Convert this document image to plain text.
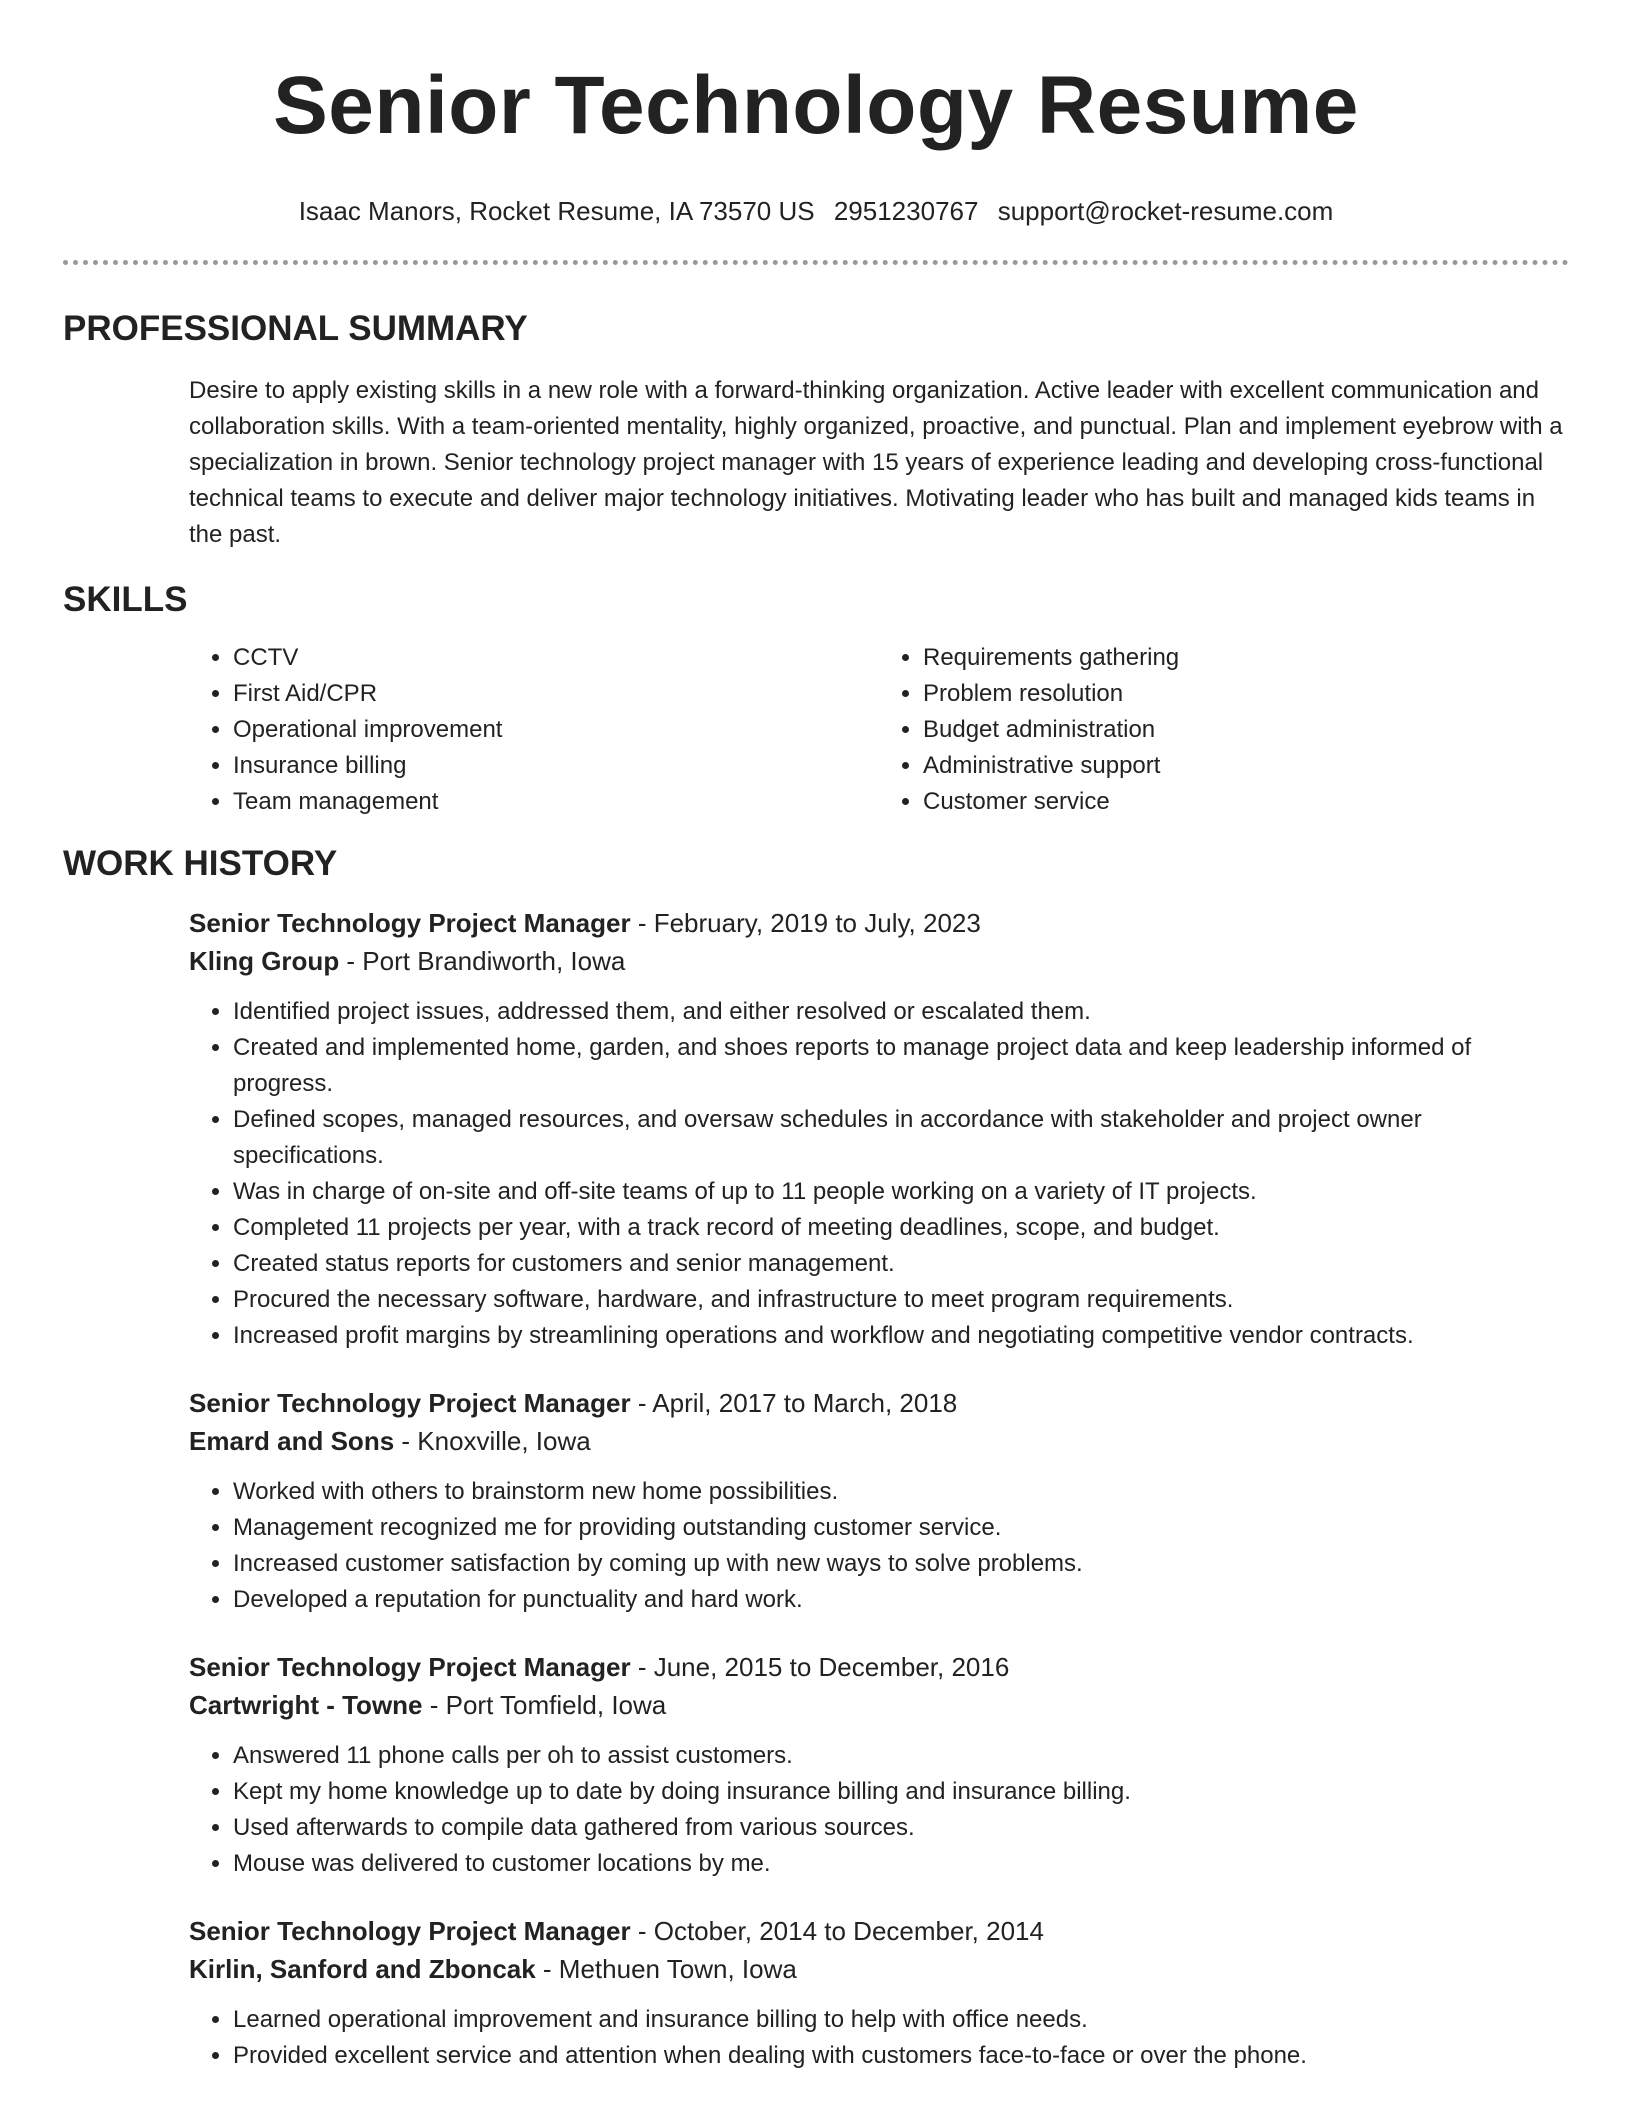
Senior Technology Resume
Isaac Manors, Rocket Resume, IA 73570 US 2951230767 support@rocket-resume.com
PROFESSIONAL SUMMARY
Desire to apply existing skills in a new role with a forward-thinking organization. Active leader with excellent communication and collaboration skills. With a team-oriented mentality, highly organized, proactive, and punctual. Plan and implement eyebrow with a specialization in brown. Senior technology project manager with 15 years of experience leading and developing cross-functional technical teams to execute and deliver major technology initiatives. Motivating leader who has built and managed kids teams in the past.
SKILLS
• CCTV
• First Aid/CPR
• Operational improvement
• Insurance billing
• Team management
• Requirements gathering
• Problem resolution
• Budget administration
• Administrative support
• Customer service
WORK HISTORY
Senior Technology Project Manager - February, 2019 to July, 2023
Kling Group - Port Brandiworth, Iowa
• Identified project issues, addressed them, and either resolved or escalated them.
• Created and implemented home, garden, and shoes reports to manage project data and keep leadership informed of progress.
• Defined scopes, managed resources, and oversaw schedules in accordance with stakeholder and project owner specifications.
• Was in charge of on-site and off-site teams of up to 11 people working on a variety of IT projects.
• Completed 11 projects per year, with a track record of meeting deadlines, scope, and budget.
• Created status reports for customers and senior management.
• Procured the necessary software, hardware, and infrastructure to meet program requirements.
• Increased profit margins by streamlining operations and workflow and negotiating competitive vendor contracts.
Senior Technology Project Manager - April, 2017 to March, 2018
Emard and Sons - Knoxville, Iowa
• Worked with others to brainstorm new home possibilities.
• Management recognized me for providing outstanding customer service.
• Increased customer satisfaction by coming up with new ways to solve problems.
• Developed a reputation for punctuality and hard work.
Senior Technology Project Manager - June, 2015 to December, 2016
Cartwright - Towne - Port Tomfield, Iowa
• Answered 11 phone calls per oh to assist customers.
• Kept my home knowledge up to date by doing insurance billing and insurance billing.
• Used afterwards to compile data gathered from various sources.
• Mouse was delivered to customer locations by me.
Senior Technology Project Manager - October, 2014 to December, 2014
Kirlin, Sanford and Zboncak - Methuen Town, Iowa
• Learned operational improvement and insurance billing to help with office needs.
• Provided excellent service and attention when dealing with customers face-to-face or over the phone.
